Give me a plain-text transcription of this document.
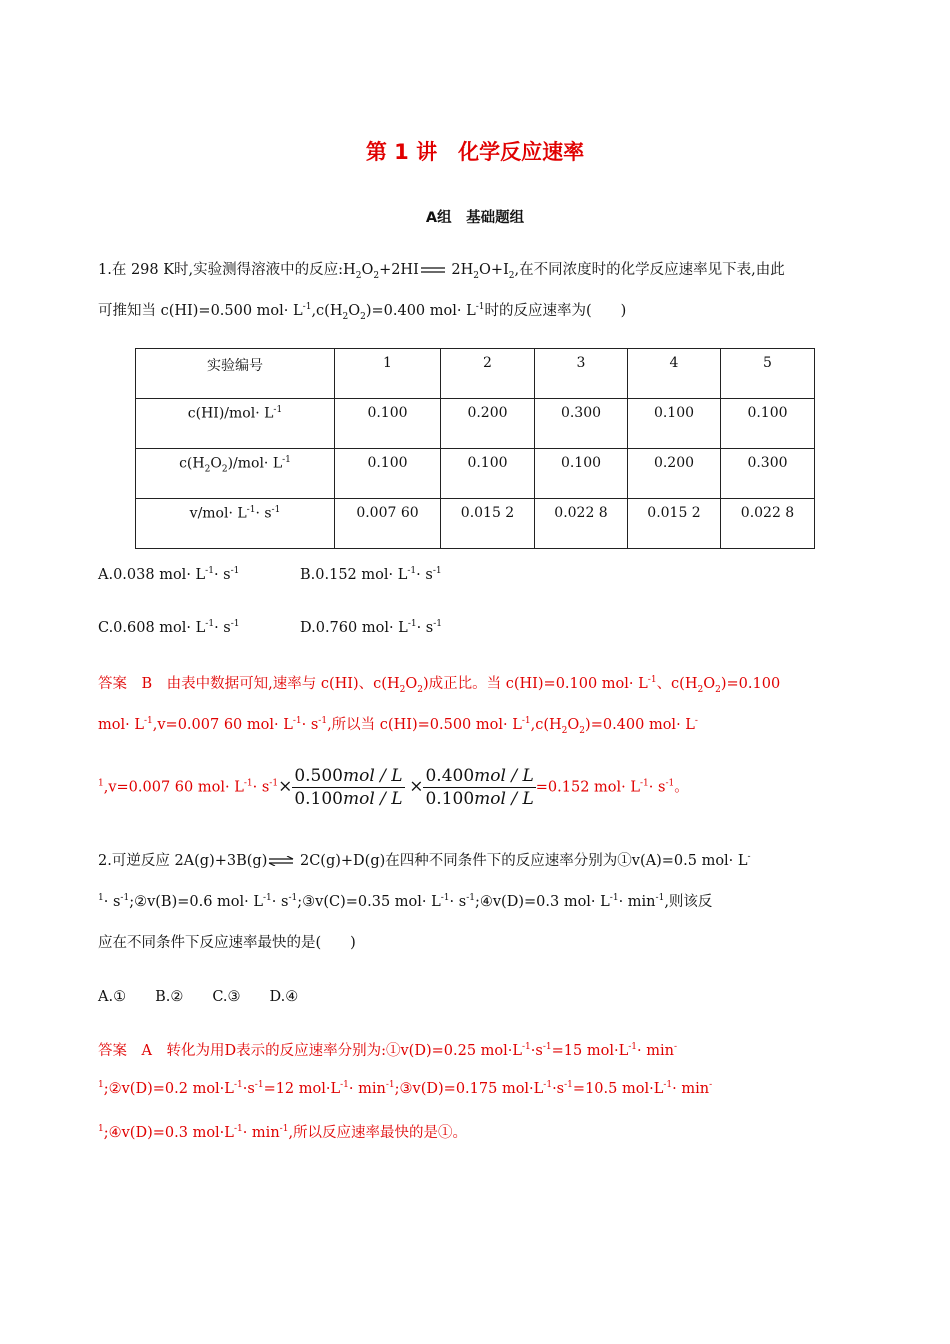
第 1 讲　化学反应速率
A组　基础题组
1.在 298 K时,实验测得溶液中的反应$:H_2O_2+2HI$ $2H_2O+I_2$,在不同浓度时的化学反应速率见下表,由此
可推知当 c(HI)=0.500 $mol\cdot L^{-1},c(H_2O_2)=0.400$ $mol\cdot L^{-1}$时的反应速率为(　　)
实验编号	1	2	3	4	5
$c(HI)/mol\cdot L^{-1}$	0.100	0.200	0.300	0.100	0.100
$c(H_2O_2)/mol\cdot L^{-1}$	0.100	0.100	0.100	0.200	0.300
$v/mol\cdot L^{-1}\cdot s^{-1}$	0.007 60	0.015 2	0.022 8	0.015 2	0.022 8
A.0.038 $mol\cdot L^{-1}\cdot s^{-1}$	B.0.152 $mol\cdot L^{-1}\cdot s^{-1}$
C.0.608 $mol\cdot L^{-1}\cdot s^{-1}$	D.0.760 $mol\cdot L^{-1}\cdot s^{-1}$
答案　B　由表中数据可知,速率与 c(HI)、$c(H_2O_2)$成正比。当 c(HI)=0.100 $mol\cdot L^{-1}$、$c(H_2O_2)=0.100$
$mol\cdot L^{-1},v=0.007$ 60 $mol\cdot L^{-1}\cdot s^{-1}$,所以当 c(HI)=0.500 $mol\cdot L^{-1},c(H_2O_2)=0.400$ mol· L-
$^1$,v=0.007 60 $mol\cdot L^{-1}\cdot s^{-1}\times \frac{\text{0.500mol / L}}{\text{0.100mol / L}} \times \frac{\text{0.400mol / L}}{\text{0.100mol / L}} =0.152$ $mol\cdot L^{-1}\cdot s^{-1}$。
2.可逆反应 2A(g)+3B(g)⇌ 2C(g)+D(g)在四种不同条件下的反应速率分别为①v(A)=0.5 mol· L-
$^1\cdot s^{-1};②v(B)=0.6$ $mol\cdot L^{-1}\cdot$ $s^{-1};③v(C)=0.35$ $mol\cdot L^{-1}\cdot$ $s^{-1};④v(D)=0.3$ $mol\cdot L^{-1}\cdot \min^{-1}$,则该反
应在不同条件下反应速率最快的是(　　)
A.①　　B.②　　C.③　　D.④
答案　A　转化为用D表示的反应速率分别为:①v(D)=0.25 $mol\cdot L^{-1}\cdot s^{-1}=15$ $mol\cdot L^{-1}\cdot \min^-$
$^1$;②v(D)=0.2 $mol\cdot L^{-1}\cdot s^{-1}=12$ $mol\cdot L^{-1}\cdot$ $\min^{-1};③v(D)=0.175$ $mol\cdot L^{-1}\cdot s^{-1}=10.5$ $mol\cdot L^{-1}\cdot \min^-$
$^1$;④v(D)=0.3 $mol\cdot L^{-1}\cdot \min^{-1}$,所以反应速率最快的是①。
